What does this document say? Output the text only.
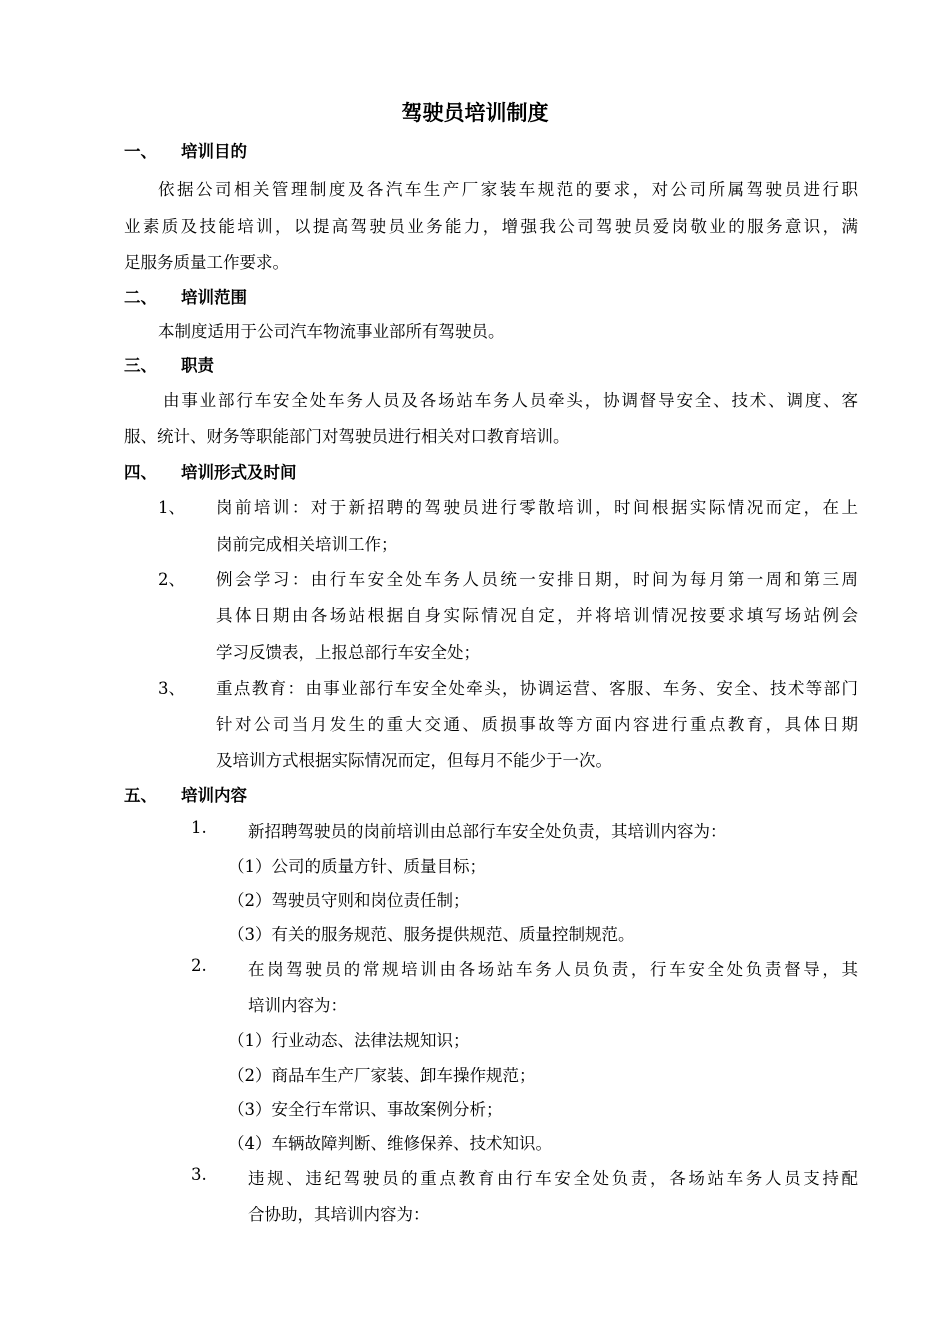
驾驶员培训制度
一、 培训目的
依据公司相关管理制度及各汽车生产厂家装车规范的要求，对公司所属驾驶员进行职
业素质及技能培训，以提高驾驶员业务能力，增强我公司驾驶员爱岗敬业的服务意识，满
足服务质量工作要求。
二、 培训范围
本制度适用于公司汽车物流事业部所有驾驶员。
三、 职责
由事业部行车安全处车务人员及各场站车务人员牵头，协调督导安全、技术、调度、客
服、统计、财务等职能部门对驾驶员进行相关对口教育培训。
四、 培训形式及时间
1、 岗前培训：对于新招聘的驾驶员进行零散培训，时间根据实际情况而定，在上
岗前完成相关培训工作；
2、 例会学习：由行车安全处车务人员统一安排日期，时间为每月第一周和第三周
具体日期由各场站根据自身实际情况自定，并将培训情况按要求填写场站例会
学习反馈表，上报总部行车安全处；
3、 重点教育：由事业部行车安全处牵头，协调运营、客服、车务、安全、技术等部门
针对公司当月发生的重大交通、质损事故等方面内容进行重点教育，具体日期
及培训方式根据实际情况而定，但每月不能少于一次。
五、 培训内容
1.	新招聘驾驶员的岗前培训由总部行车安全处负责，其培训内容为：
（1）公司的质量方针、质量目标；
（2）驾驶员守则和岗位责任制；
（3）有关的服务规范、服务提供规范、质量控制规范。
2.	在岗驾驶员的常规培训由各场站车务人员负责，行车安全处负责督导，其
培训内容为：
（1）行业动态、法律法规知识；
（2）商品车生产厂家装、卸车操作规范；
（3）安全行车常识、事故案例分析；
（4）车辆故障判断、维修保养、技术知识。
3.	违规、违纪驾驶员的重点教育由行车安全处负责，各场站车务人员支持配
合协助，其培训内容为：
